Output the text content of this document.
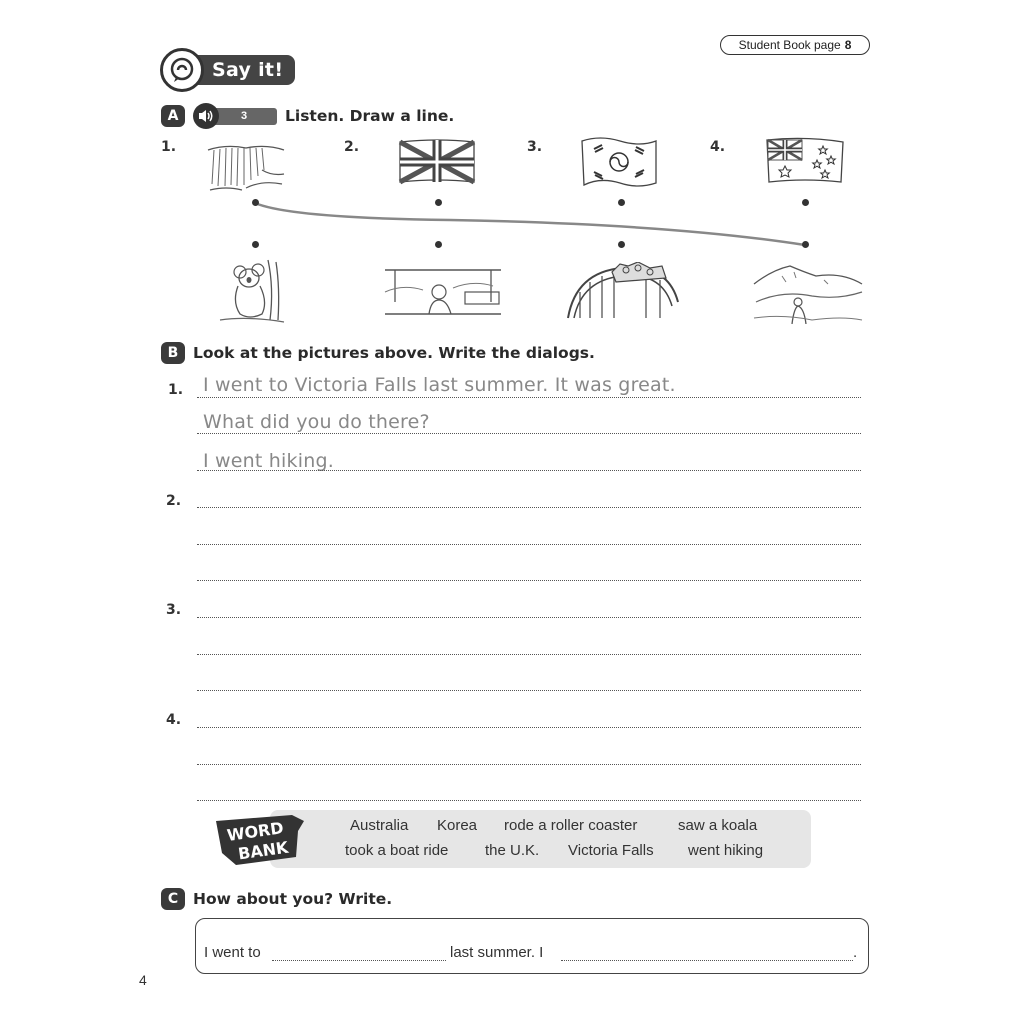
Student Book page 8
Say it!
A	3	Listen. Draw a line.
1.	2.	3.	4.
B Look at the pictures above. Write the dialogs.
1.
2.
3.
4.
I went to Victoria Falls last summer. It was great.
What did you do there?
I went hiking.
WORD
BANK
Australia Korea rode a roller coaster	saw a koala
took a boat ride the U.K. Victoria Falls went hiking
C How about you? Write.
I went to	last summer. I	.
4
